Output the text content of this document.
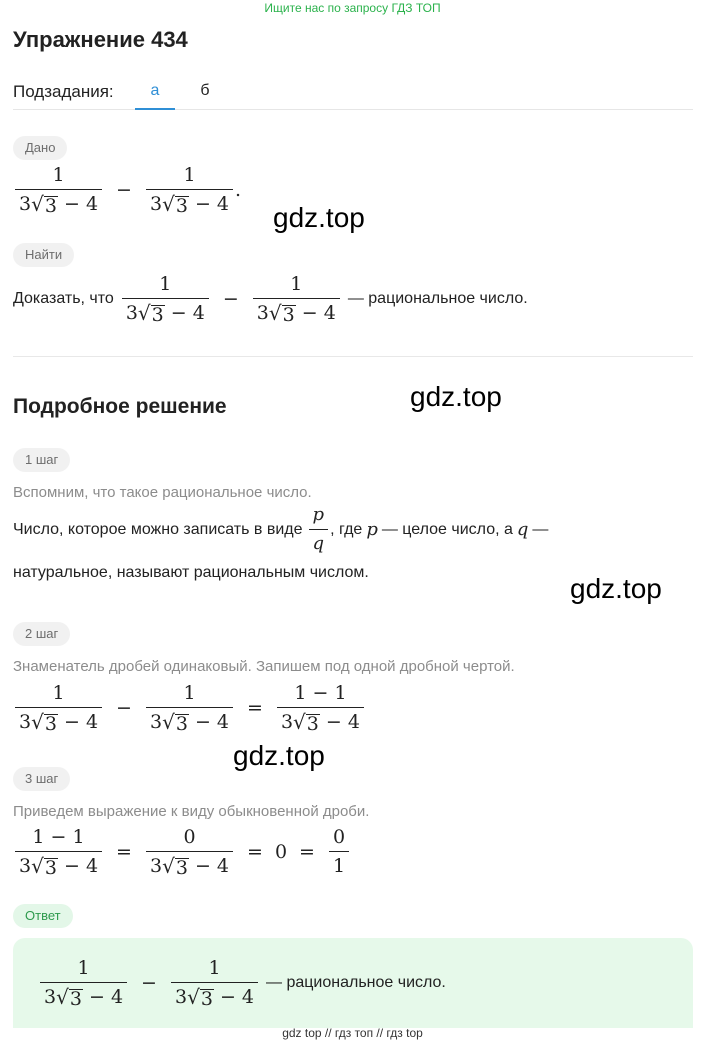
Ищите нас по запросу ГДЗ ТОП
Упражнение 434
Подзадания:	а	б
Дано
1
3 √ 3
− 4 − 1
3 √ 3
− 4 .
gdz.top
Найти
Доказать, что 1
3 √ 3
− 4 − 1
3 √ 3
− 4 — рациональное число.
Подробное решение	gdz.top
1 шаг
Вспомним, что такое рациональное число.
Число, которое можно записать в виде $\frac{p}{q}$ , где p — целое число, а q —
натуральное, называют рациональным числом.
gdz.top
2 шаг
Знаменатель дробей одинаковый. Запишем под одной дробной чертой.
1
3 √ 3
− 4 − 1
3 √ 3
− 4 = 1 − 1
3 √ 3
− 4
gdz.top
3 шаг
Приведем выражение к виду обыкновенной дроби.
1 − 1
3 √ 3
− 4 = 0
3 √ 3
− $4 = 0 = \frac{0}{1}$
Ответ
1
3 √ 3
− 4 − 1
3 √ 3
− 4 — рациональное число.
gdz top // гдз топ // гдз top
